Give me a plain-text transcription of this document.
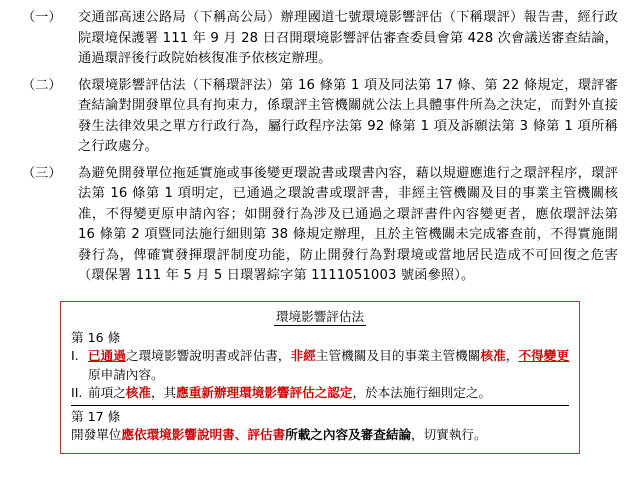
（一）	交通部高速公路局（下稱高公局）辦理國道七號環境影響評估（下稱環評）報告書，經行政院環境保護署 111 年 9 月 28 日召開環境影響評估審查委員會第 428 次會議送審查結論，通過環評後行政院始核復准予依核定辦理。
（二）	依環境影響評估法（下稱環評法）第 16 條第 1 項及同法第 17 條、第 22 條規定，環評審查結論對開發單位具有拘束力，係環評主管機關就公法上具體事件所為之決定，而對外直接發生法律效果之單方行政行為，屬行政程序法第 92 條第 1 項及訴願法第 3 條第 1 項所稱之行政處分。
（三）	為避免開發單位拖延實施或事後變更環說書或環書內容，藉以規避應進行之環評程序，環評法第 16 條第 1 項明定，已通過之環說書或環評書，非經主管機關及目的事業主管機關核准，不得變更原申請內容；如開發行為涉及已通過之環評書件內容變更者，應依環評法第 16 條第 2 項暨同法施行細則第 38 條規定辦理，且於主管機關未完成審查前，不得實施開發行為，俾確實發揮環評制度功能，防止開發行為對環境或當地居民造成不可回復之危害（環保署 111 年 5 月 5 日環署綜字第 1111051003 號函參照）。
環境影響評估法
第 16 條
I. 已通過之環境影響說明書或評估書，非經主管機關及目的事業主管機關核准，不得變更原申請內容。
II. 前項之核准，其應重新辦理環境影響評估之認定，於本法施行細則定之。
第 17 條
開發單位應依環境影響說明書、評估書所載之內容及審查結論，切實執行。
